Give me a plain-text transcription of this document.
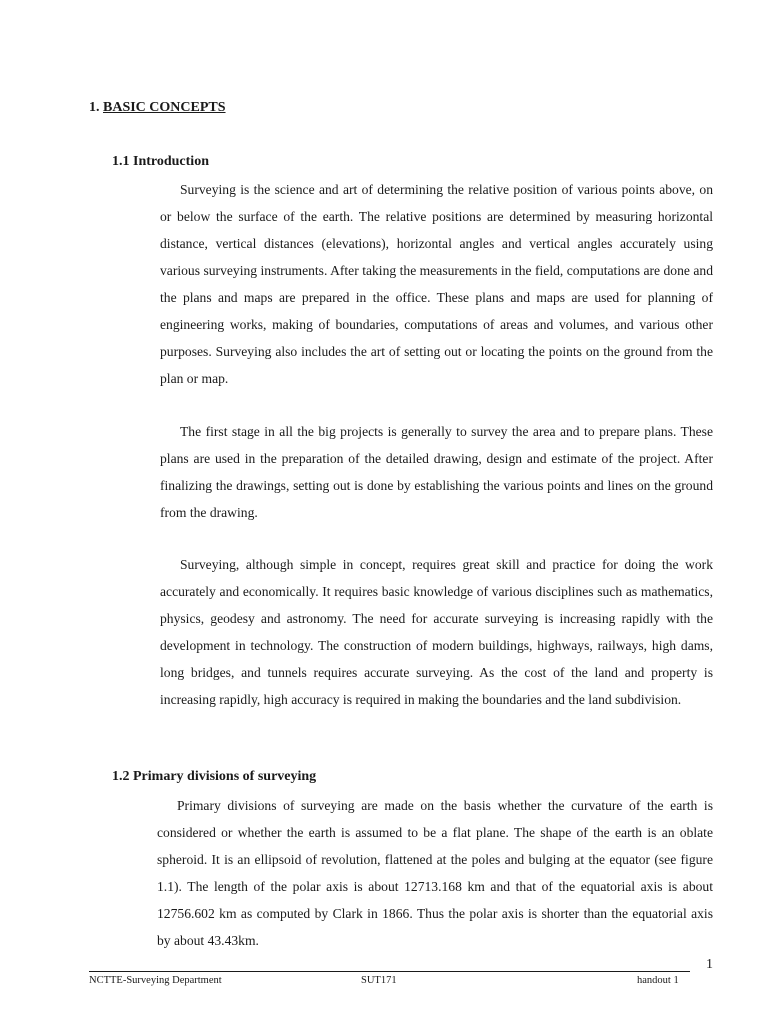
1. BASIC CONCEPTS
1.1 Introduction

Surveying is the science and art of determining the relative position of various points above, on or below the surface of the earth. The relative positions are determined by measuring horizontal distance, vertical distances (elevations), horizontal angles and vertical angles accurately using various surveying instruments. After taking the measurements in the field, computations are done and the plans and maps are prepared in the office. These plans and maps are used for planning of engineering works, making of boundaries, computations of areas and volumes, and various other purposes. Surveying also includes the art of setting out or locating the points on the ground from the plan or map.

The first stage in all the big projects is generally to survey the area and to prepare plans. These plans are used in the preparation of the detailed drawing, design and estimate of the project. After finalizing the drawings, setting out is done by establishing the various points and lines on the ground from the drawing.

Surveying, although simple in concept, requires great skill and practice for doing the work accurately and economically. It requires basic knowledge of various disciplines such as mathematics, physics, geodesy and astronomy. The need for accurate surveying is increasing rapidly with the development in technology. The construction of modern buildings, highways, railways, high dams, long bridges, and tunnels requires accurate surveying. As the cost of the land and property is increasing rapidly, high accuracy is required in making the boundaries and the land subdivision.

1.2 Primary divisions of surveying

Primary divisions of surveying are made on the basis whether the curvature of the earth is considered or whether the earth is assumed to be a flat plane. The shape of the earth is an oblate spheroid. It is an ellipsoid of revolution, flattened at the poles and bulging at the equator (see figure 1.1). The length of the polar axis is about 12713.168 km and that of the equatorial axis is about 12756.602 km as computed by Clark in 1866. Thus the polar axis is shorter than the equatorial axis by about 43.43km.

1
NCTTE-Surveying Department	SUT171	handout 1
